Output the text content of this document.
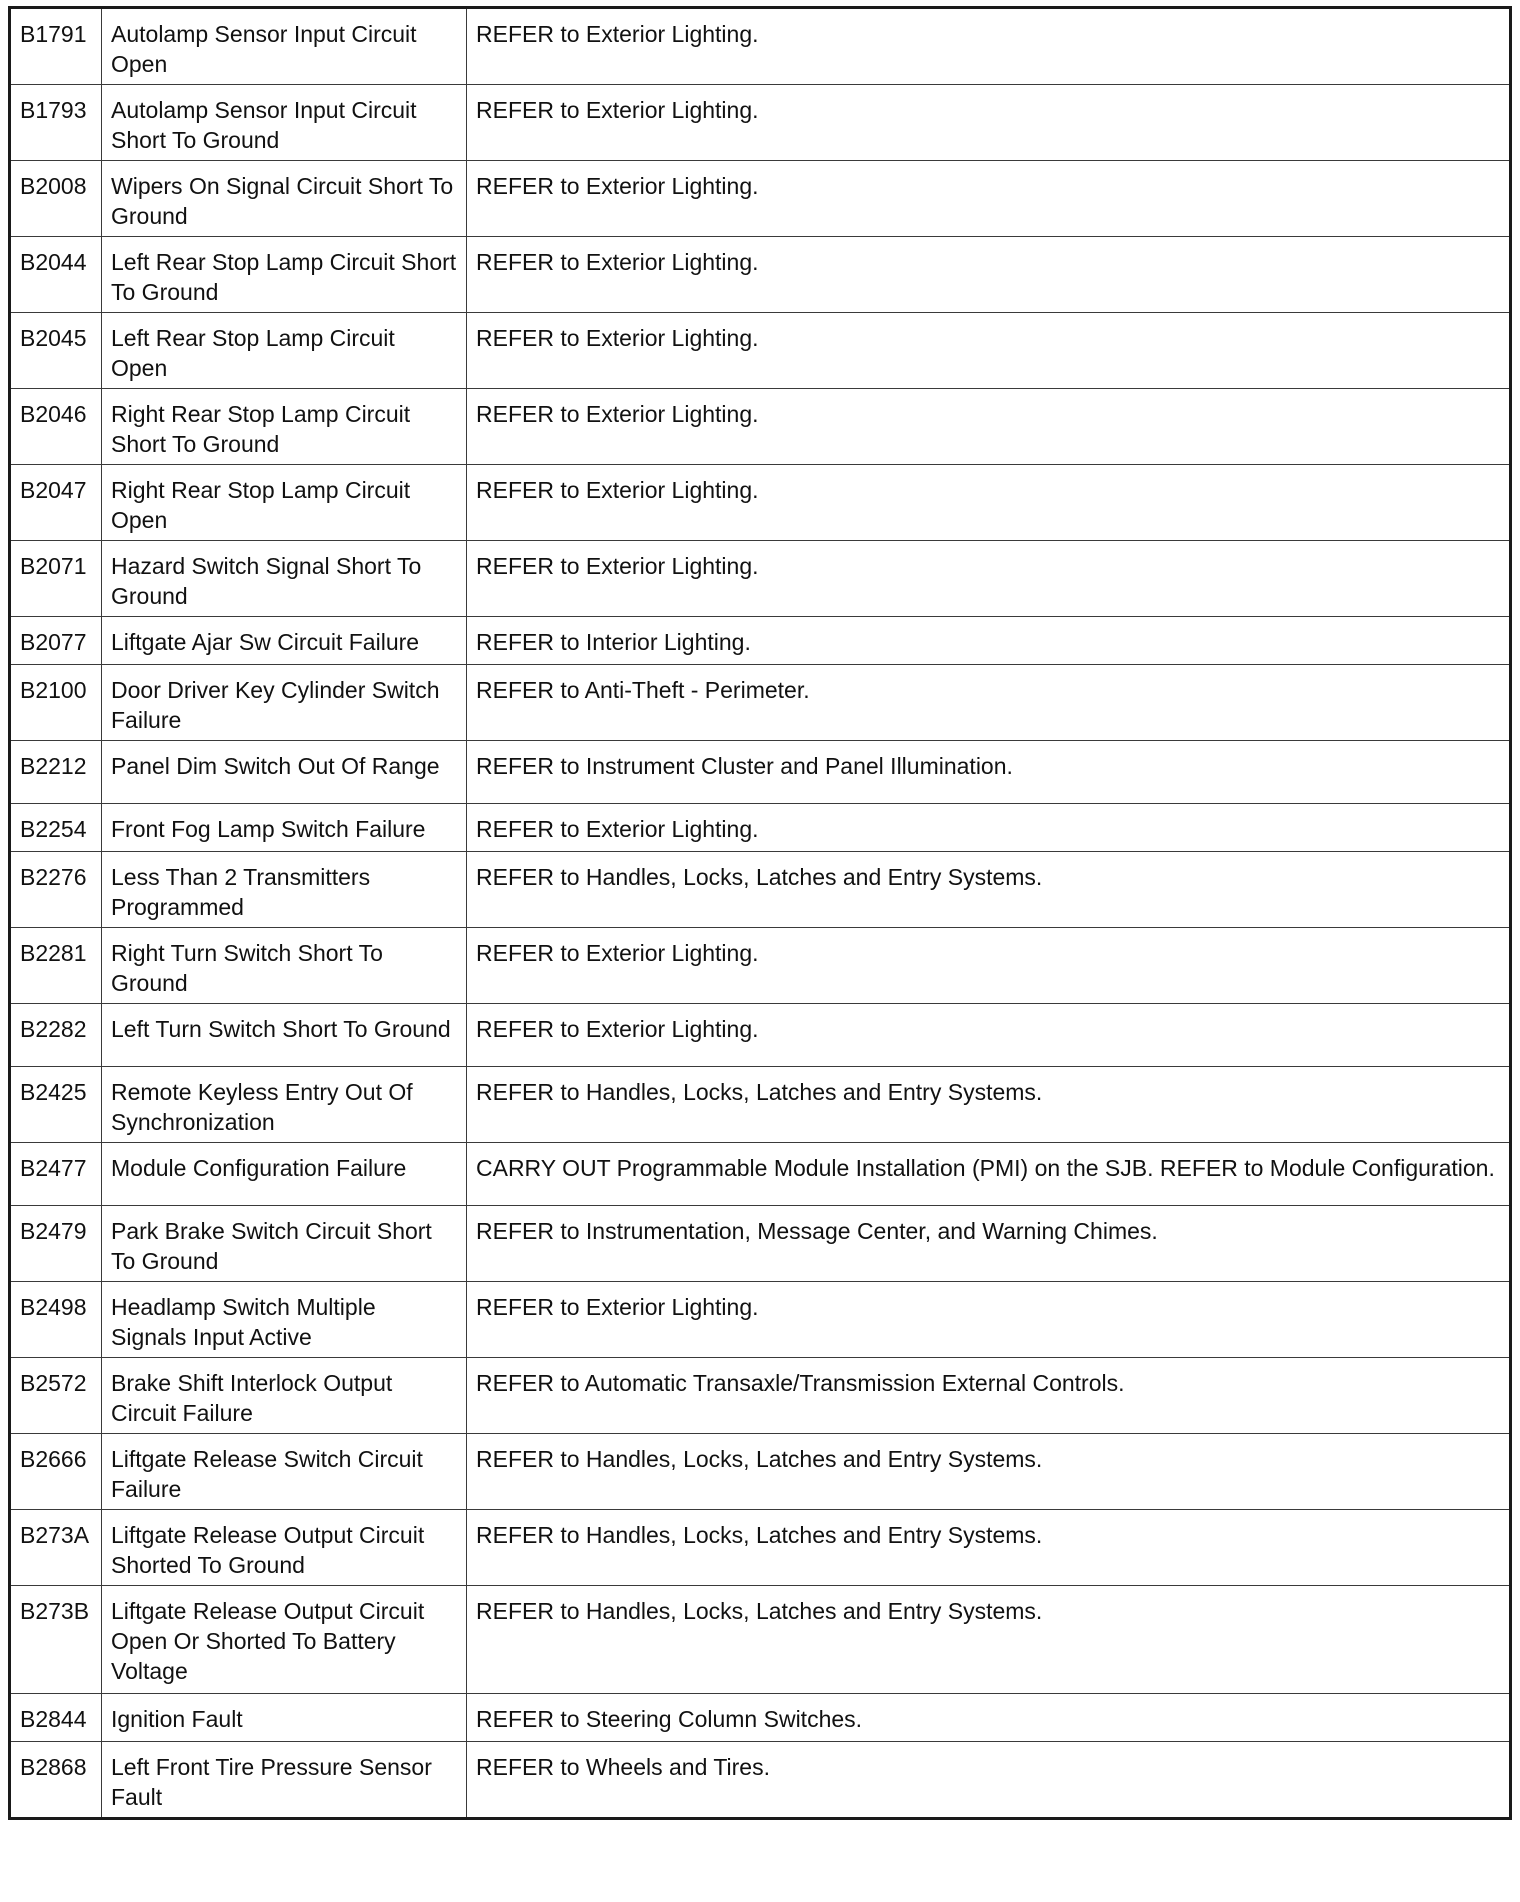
B1791	Autolamp Sensor Input Circuit Open	REFER to Exterior Lighting.
B1793	Autolamp Sensor Input Circuit Short To Ground	REFER to Exterior Lighting.
B2008	Wipers On Signal Circuit Short To Ground	REFER to Exterior Lighting.
B2044	Left Rear Stop Lamp Circuit Short To Ground	REFER to Exterior Lighting.
B2045	Left Rear Stop Lamp Circuit Open	REFER to Exterior Lighting.
B2046	Right Rear Stop Lamp Circuit Short To Ground	REFER to Exterior Lighting.
B2047	Right Rear Stop Lamp Circuit Open	REFER to Exterior Lighting.
B2071	Hazard Switch Signal Short To Ground	REFER to Exterior Lighting.
B2077	Liftgate Ajar Sw Circuit Failure	REFER to Interior Lighting.
B2100	Door Driver Key Cylinder Switch Failure	REFER to Anti-Theft - Perimeter.
B2212	Panel Dim Switch Out Of Range	REFER to Instrument Cluster and Panel Illumination.
B2254	Front Fog Lamp Switch Failure	REFER to Exterior Lighting.
B2276	Less Than 2 Transmitters Programmed	REFER to Handles, Locks, Latches and Entry Systems.
B2281	Right Turn Switch Short To Ground	REFER to Exterior Lighting.
B2282	Left Turn Switch Short To Ground	REFER to Exterior Lighting.
B2425	Remote Keyless Entry Out Of Synchronization	REFER to Handles, Locks, Latches and Entry Systems.
B2477	Module Configuration Failure	CARRY OUT Programmable Module Installation (PMI) on the SJB. REFER to Module Configuration.
B2479	Park Brake Switch Circuit Short To Ground	REFER to Instrumentation, Message Center, and Warning Chimes.
B2498	Headlamp Switch Multiple Signals Input Active	REFER to Exterior Lighting.
B2572	Brake Shift Interlock Output Circuit Failure	REFER to Automatic Transaxle/Transmission External Controls.
B2666	Liftgate Release Switch Circuit Failure	REFER to Handles, Locks, Latches and Entry Systems.
B273A	Liftgate Release Output Circuit Shorted To Ground	REFER to Handles, Locks, Latches and Entry Systems.
B273B	Liftgate Release Output Circuit Open Or Shorted To Battery Voltage	REFER to Handles, Locks, Latches and Entry Systems.
B2844	Ignition Fault	REFER to Steering Column Switches.
B2868	Left Front Tire Pressure Sensor Fault	REFER to Wheels and Tires.
